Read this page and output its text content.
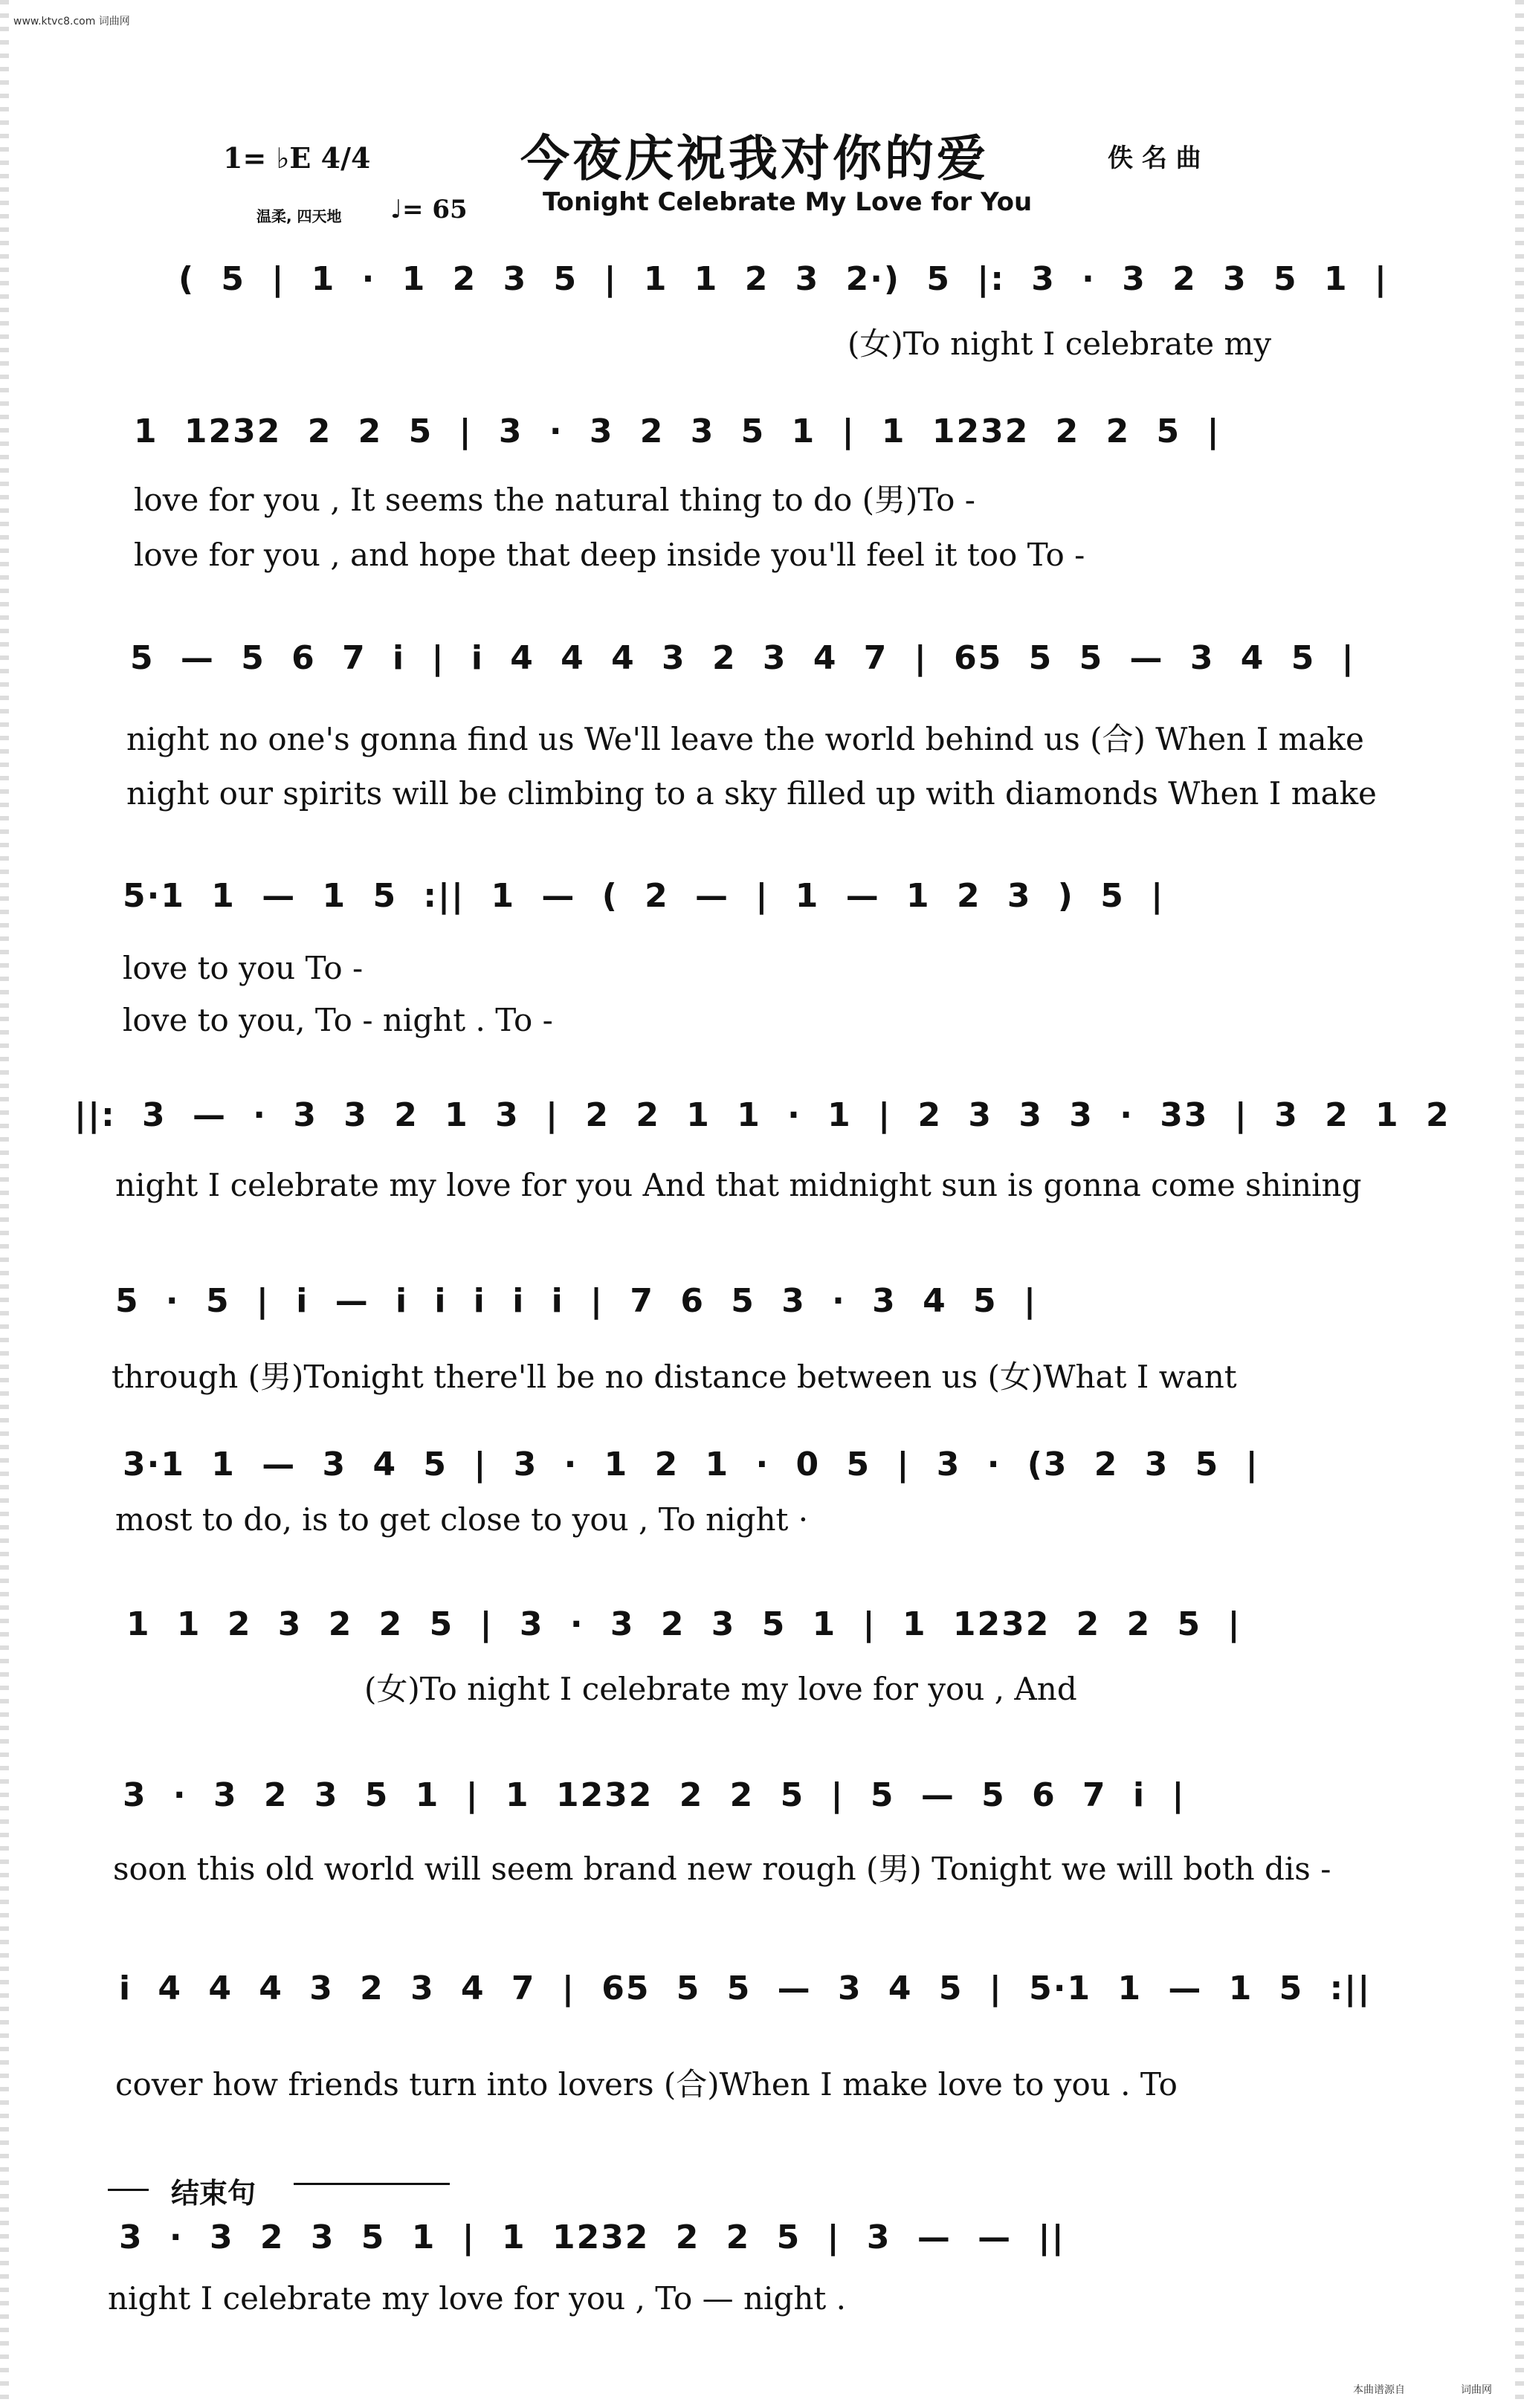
www.ktvc8.com 词曲网
1= ♭E 4/4	今夜庆祝我对你的爱	佚 名 曲
温柔, 四天地 ♩= 65	Tonight Celebrate My Love for You
( 5 | 1 · 1 2 3 5 | 1 1 2 3 2·) 5 |: 3 · 3 2 3 5 1 |
(女)To night I celebrate my
1 1232 2 2 5 | 3 · 3 2 3 5 1 | 1 1232 2 2 5 |
love for you , It seems the natural thing to do (男)To -
love for you , and hope that deep inside you'll feel it too To -
5 — 5 6 7 i | i 4 4 4 3 2 3 4 7 | 65 5 5 — 3 4 5 |
night no one's gonna find us We'll leave the world behind us (合) When I make
night our spirits will be climbing to a sky filled up with diamonds When I make
5·1 1 — 1 5 :|| 1 — ( 2 — | 1 — 1 2 3 ) 5 |
love to you To -
love to you, To - night . To -
||: 3 — · 3 3 2 1 3 | 2 2 1 1 · 1 | 2 3 3 3 · 33 | 3 2 1 2
night I celebrate my love for you And that midnight sun is gonna come shining
5 · 5 | i — i i i i i | 7 6 5 3 · 3 4 5 |
through (男)Tonight there'll be no distance between us (女)What I want
3·1 1 — 3 4 5 | 3 · 1 2 1 · 0 5 | 3 · (3 2 3 5 |
most to do, is to get close to you , To night ·
1 1 2 3 2 2 5 | 3 · 3 2 3 5 1 | 1 1232 2 2 5 |
(女)To night I celebrate my love for you , And
3 · 3 2 3 5 1 | 1 1232 2 2 5 | 5 — 5 6 7 i |
soon this old world will seem brand new rough (男) Tonight we will both dis -
i 4 4 4 3 2 3 4 7 | 65 5 5 — 3 4 5 | 5·1 1 — 1 5 :||
cover how friends turn into lovers (合)When I make love to you . To
结束句
3 · 3 2 3 5 1 | 1 1232 2 2 5 | 3 — — ||
night I celebrate my love for you , To — night .
本曲谱源自	词曲网
